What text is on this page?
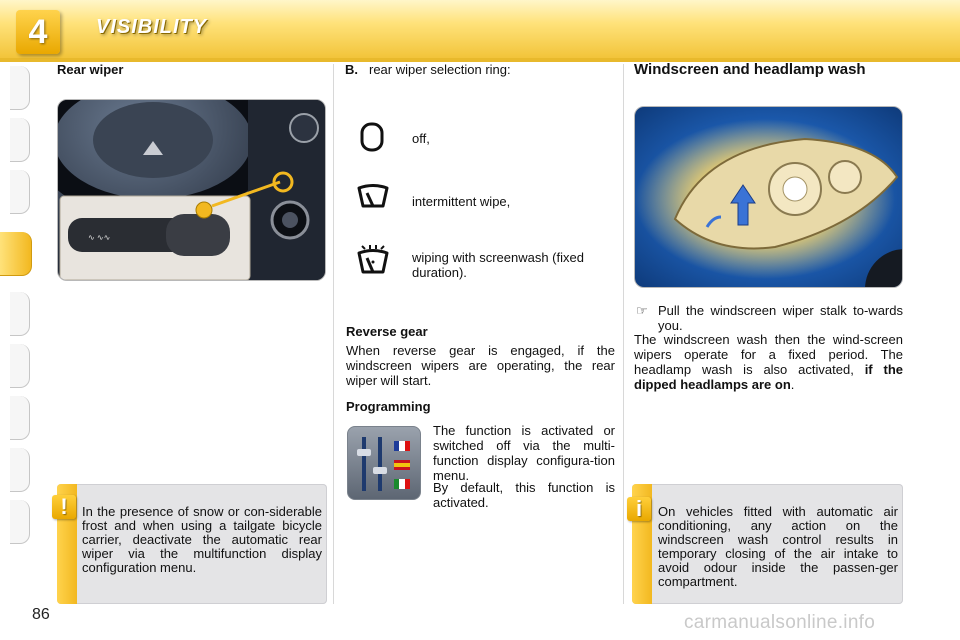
4	VISIBILITY
Rear wiper
∿ ∿∿
!	In the presence of snow or con-siderable frost and when using a tailgate bicycle carrier, deactivate the automatic rear wiper via the multifunction display configuration menu.
B. rear wiper selection ring:
off,
intermittent wipe,
wiping with screenwash (fixed duration).
Reverse gear
When reverse gear is engaged, if the windscreen wipers are operating, the rear wiper will start.
Programming
The function is activated or switched off via the multi-function display configura-tion menu.
By default, this function is activated.
Windscreen and headlamp wash
☞ Pull the windscreen wiper stalk to-wards you.
The windscreen wash then the wind-screen wipers operate for a fixed period. The headlamp wash is also activated, if the dipped headlamps are on.
i	On vehicles fitted with automatic air conditioning, any action on the windscreen wash control results in temporary closing of the air intake to avoid odour inside the passen-ger compartment.
86	carmanualsonline.info
